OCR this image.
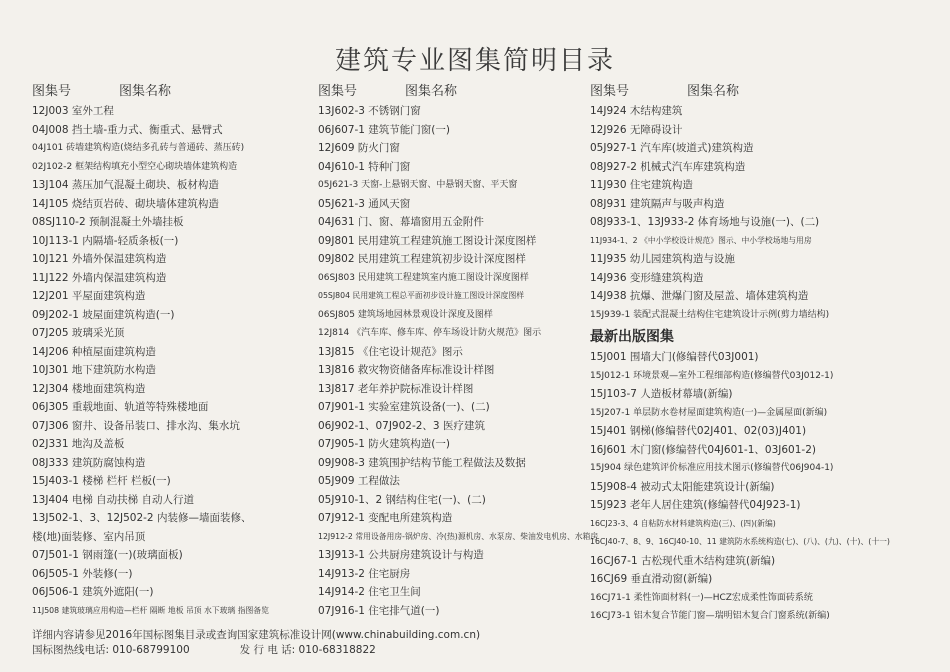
建筑专业图集简明目录
图集号	图集名称
12J003 室外工程
04J008 挡土墙-重力式、衡重式、悬臂式
04J101 砖墙建筑构造(烧结多孔砖与普通砖、蒸压砖)
02J102-2 框架结构填充小型空心砌块墙体建筑构造
13J104 蒸压加气混凝土砌块、板材构造
14J105 烧结页岩砖、砌块墙体建筑构造
08SJ110-2 预制混凝土外墙挂板
10J113-1 内隔墙-轻质条板(一)
10J121 外墙外保温建筑构造
11J122 外墙内保温建筑构造
12J201 平屋面建筑构造
09J202-1 坡屋面建筑构造(一)
07J205 玻璃采光顶
14J206 种植屋面建筑构造
10J301 地下建筑防水构造
12J304 楼地面建筑构造
06J305 重载地面、轨道等特殊楼地面
07J306 窗井、设备吊装口、排水沟、集水坑
02J331 地沟及盖板
08J333 建筑防腐蚀构造
15J403-1 楼梯 栏杆 栏板(一)
13J404 电梯 自动扶梯 自动人行道
13J502-1、3、12J502-2 内装修—墙面装修、
楼(地)面装修、室内吊顶
07J501-1 钢雨篷(一)(玻璃面板)
06J505-1 外装修(一)
06J506-1 建筑外遮阳(一)
11J508 建筑玻璃应用构造—栏杆 隔断 地板 吊顶 水下玻璃 指图备览
图集号	图集名称
13J602-3 不锈钢门窗
06J607-1 建筑节能门窗(一)
12J609 防火门窗
04J610-1 特种门窗
05J621-3 天窗-上悬钢天窗、中悬钢天窗、平天窗
05J621-3 通风天窗
04J631 门、窗、幕墙窗用五金附件
09J801 民用建筑工程建筑施工图设计深度图样
09J802 民用建筑工程建筑初步设计深度图样
06SJ803 民用建筑工程建筑室内施工图设计深度图样
05SJ804 民用建筑工程总平面初步设计施工图设计深度图样
06SJ805 建筑场地园林景观设计深度及图样
12J814 《汽车库、修车库、停车场设计防火规范》图示
13J815 《住宅设计规范》图示
13J816 救灾物资储备库标准设计样图
13J817 老年养护院标准设计样图
07J901-1 实验室建筑设备(一)、(二)
06J902-1、07J902-2、3 医疗建筑
07J905-1 防火建筑构造(一)
09J908-3 建筑围护结构节能工程做法及数据
05J909 工程做法
05J910-1、2 钢结构住宅(一)、(二)
07J912-1 变配电所建筑构造
12J912-2 常用设备用房-锅炉房、冷(热)源机房、水泵房、柴油发电机房、水箱房
13J913-1 公共厨房建筑设计与构造
14J913-2 住宅厨房
14J914-2 住宅卫生间
07J916-1 住宅排气道(一)
图集号	图集名称
14J924 木结构建筑
12J926 无障碍设计
05J927-1 汽车库(坡道式)建筑构造
08J927-2 机械式汽车库建筑构造
11J930 住宅建筑构造
08J931 建筑隔声与吸声构造
08J933-1、13J933-2 体育场地与设施(一)、(二)
11J934-1、2 《中小学校设计规范》图示、中小学校场地与用房
11J935 幼儿园建筑构造与设施
14J936 变形缝建筑构造
14J938 抗爆、泄爆门窗及屋盖、墙体建筑构造
15J939-1 装配式混凝土结构住宅建筑设计示例(剪力墙结构)
最新出版图集
15J001 围墙大门(修编替代03J001)
15J012-1 环境景观—室外工程细部构造(修编替代03J012-1)
15J103-7 人造板材幕墙(新编)
15J207-1 单层防水卷材屋面建筑构造(一)—金属屋面(新编)
15J401 钢梯(修编替代02J401、02(03)J401)
16J601 木门窗(修编替代04J601-1、03J601-2)
15J904 绿色建筑评价标准应用技术图示(修编替代06J904-1)
15J908-4 被动式太阳能建筑设计(新编)
15J923 老年人居住建筑(修编替代04J923-1)
16CJ23-3、4 自粘防水材料建筑构造(三)、(四)(新编)
16CJ40-7、8、9、16CJ40-10、11 建筑防水系统构造(七)、(八)、(九)、(十)、(十一)
16CJ67-1 古松现代重木结构建筑(新编)
16CJ69 垂直滑动窗(新编)
16CJ71-1 柔性饰面材料(一)—HCZ宏成柔性饰面砖系统
16CJ73-1 铝木复合节能门窗—瑞明铝木复合门窗系统(新编)
详细内容请参见2016年国标图集目录或查询国家建筑标准设计网(www.chinabuilding.com.cn)
国标图热线电话: 010-68799100	发 行 电 话: 010-68318822
